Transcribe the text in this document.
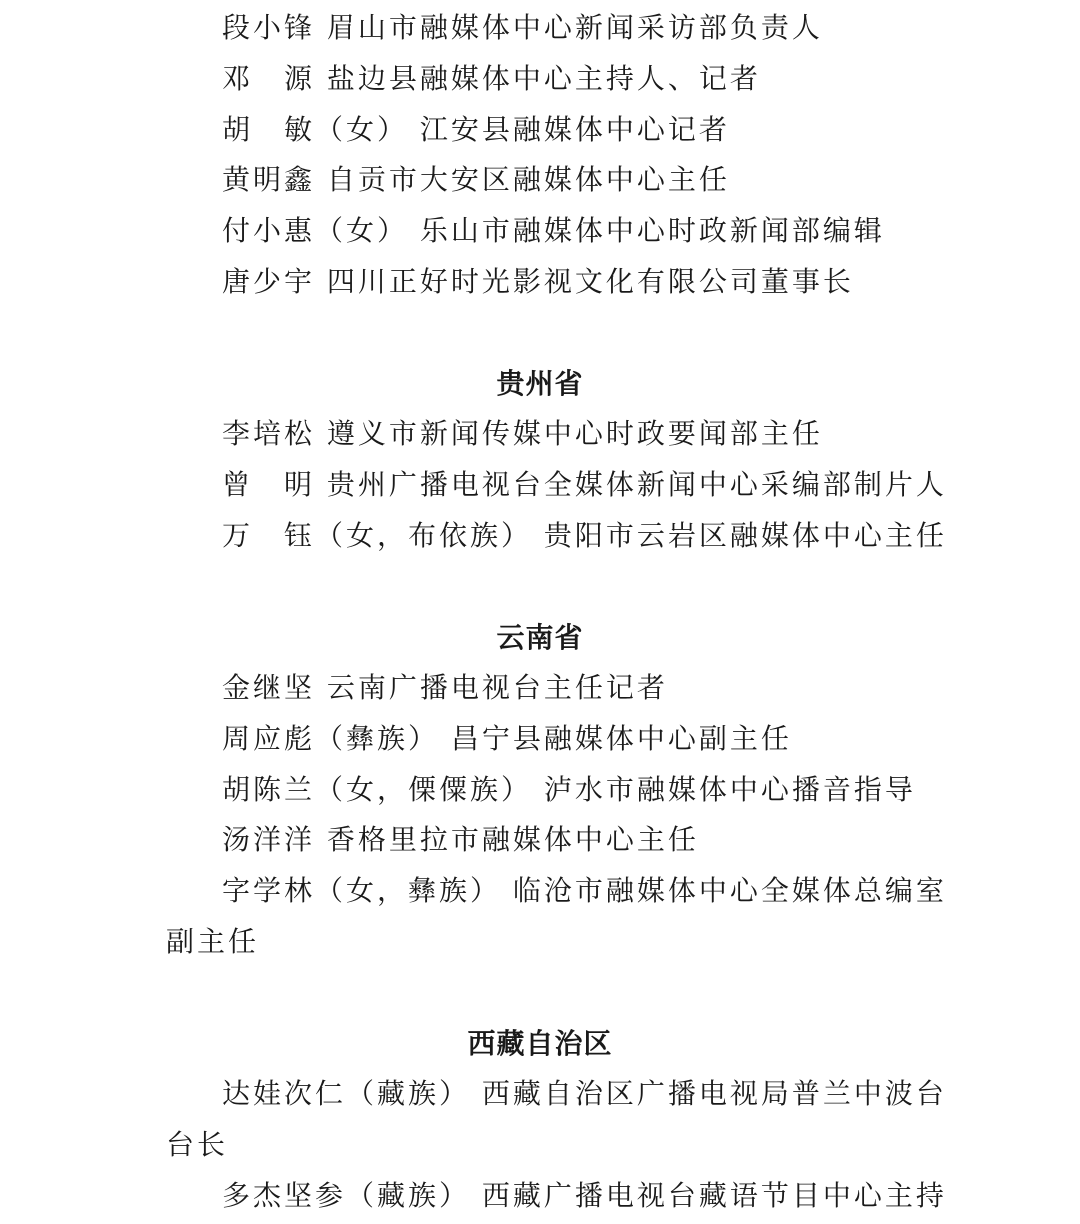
段小锋 眉山市融媒体中心新闻采访部负责人
邓　源 盐边县融媒体中心主持人、记者
胡　敏（女） 江安县融媒体中心记者
黄明鑫 自贡市大安区融媒体中心主任
付小惠（女） 乐山市融媒体中心时政新闻部编辑
唐少宇 四川正好时光影视文化有限公司董事长
贵州省
李培松 遵义市新闻传媒中心时政要闻部主任
曾　明 贵州广播电视台全媒体新闻中心采编部制片人
万　钰（女，布依族） 贵阳市云岩区融媒体中心主任
云南省
金继坚 云南广播电视台主任记者
周应彪（彝族） 昌宁县融媒体中心副主任
胡陈兰（女，傈僳族） 泸水市融媒体中心播音指导
汤洋洋 香格里拉市融媒体中心主任
字学林（女，彝族） 临沧市融媒体中心全媒体总编室
副主任
西藏自治区
达娃次仁（藏族） 西藏自治区广播电视局普兰中波台
台长
多杰坚参（藏族） 西藏广播电视台藏语节目中心主持
